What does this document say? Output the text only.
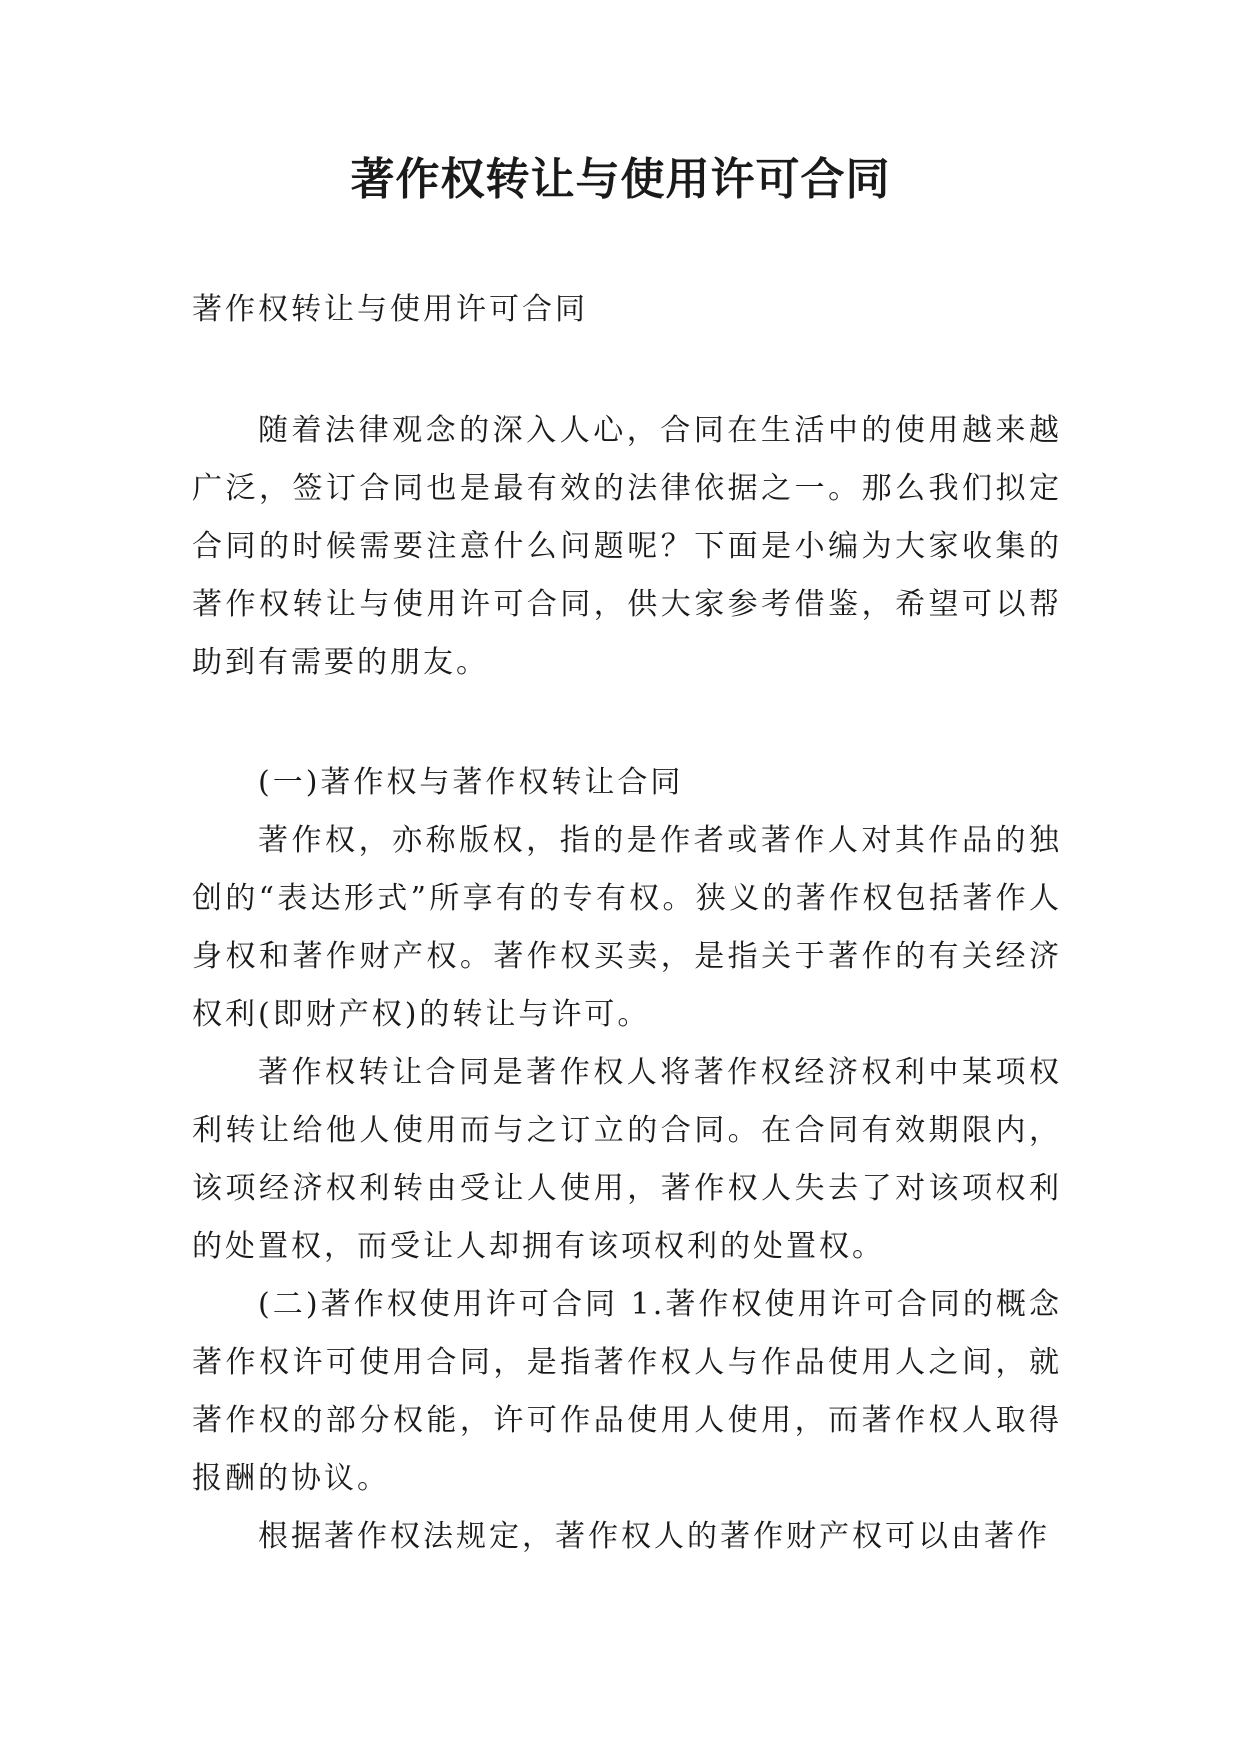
著作权转让与使用许可合同

著作权转让与使用许可合同

随着法律观念的深入人心，合同在生活中的使用越来越广泛，签订合同也是最有效的法律依据之一。那么我们拟定合同的时候需要注意什么问题呢？下面是小编为大家收集的著作权转让与使用许可合同，供大家参考借鉴，希望可以帮助到有需要的朋友。

(一)著作权与著作权转让合同

著作权，亦称版权，指的是作者或著作人对其作品的独创的“表达形式”所享有的专有权。狭义的著作权包括著作人身权和著作财产权。著作权买卖，是指关于著作的有关经济权利(即财产权)的转让与许可。

著作权转让合同是著作权人将著作权经济权利中某项权利转让给他人使用而与之订立的合同。在合同有效期限内，该项经济权利转由受让人使用，著作权人失去了对该项权利的处置权，而受让人却拥有该项权利的处置权。

(二)著作权使用许可合同 1.著作权使用许可合同的概念著作权许可使用合同，是指著作权人与作品使用人之间，就著作权的部分权能，许可作品使用人使用，而著作权人取得报酬的协议。

根据著作权法规定，著作权人的著作财产权可以由著作
